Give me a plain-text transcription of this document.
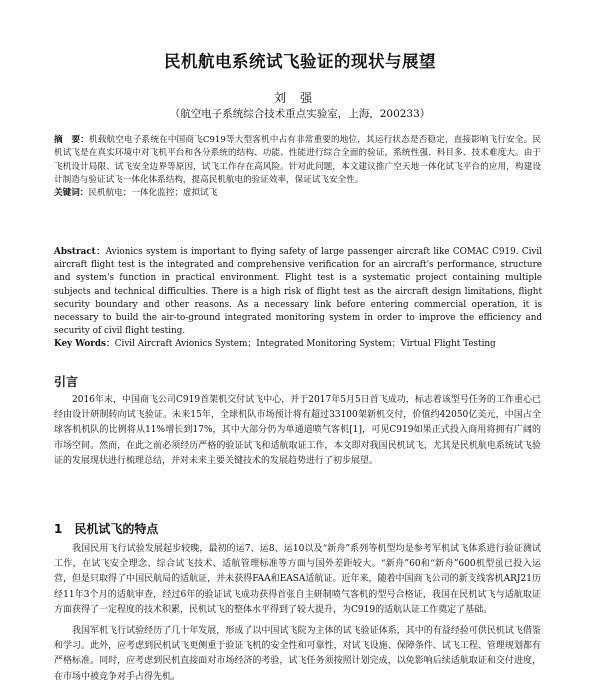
民机航电系统试飞验证的现状与展望
刘强
（航空电子系统综合技术重点实验室，上海，200233）
摘　要：机载航空电子系统在中国商飞C919等大型客机中占有非常重要的地位，其运行状态是否稳定，直接影响飞行安全。民机试飞是在真实环境中对飞机平台和各分系统的结构、功能、性能进行综合全面的验证，系统性强、科目多、技术难度大。由于飞机设计局限、试飞安全边界等原因，试飞工作存在高风险。针对此问题，本文建议推广空天地一体化试飞平台的应用，构建设计制造与验证试飞一体化体系结构，提高民机航电的验证效率，保证试飞安全性。
关键词：民机航电；一体化监控；虚拟试飞
Abstract：Avionics system is important to flying safety of large passenger aircraft like COMAC C919. Civil aircraft flight test is the integrated and comprehensive verification for an aircraft's performance, structure and system's function in practical environment. Flight test is a systematic project containing multiple subjects and technical difficulties. There is a high risk of flight test as the aircraft design limitations, flight security boundary and other reasons. As a necessary link before entering commercial operation, it is necessary to build the air-to-ground integrated monitoring system in order to improve the efficiency and security of civil flight testing.
Key Words：Civil Aircraft Avionics System；Integrated Monitoring System；Virtual Flight Testing
引言
2016年末，中国商飞公司C919首架机交付试飞中心，并于2017年5月5日首飞成功，标志着该型号任务的工作重心已经由设计研制转向试飞验证。未来15年，全球机队市场预计将有超过33100架新机交付，价值约42050亿美元，中国占全球客机机队的比例将从11%增长到17%，其中大部分仍为单通道喷气客机[1]，可见C919如果正式投入商用将拥有广阔的市场空间。然而，在此之前必须经历严格的验证试飞和适航取证工作，本文即对我国民机试飞，尤其是民机航电系统试飞验证的发展现状进行梳理总结，并对未来主要关键技术的发展趋势进行了初步展望。
1　民机试飞的特点
我国民用飞行试验发展起步较晚，最初的运7、运8、运10以及“新舟”系列等机型均是参考军机试飞体系进行验证测试工作，在试飞安全理念、综合试飞技术、适航管理标准等方面与国外差距较大。“新舟”60和“新舟”600机型虽已投入运营，但是只取得了中国民航局的适航证，并未获得FAA和EASA适航证。近年来，随着中国商飞公司的新支线客机ARJ21历经11年3个月的适航审查，经过6年的验证试飞成功获得首张自主研制喷气客机的型号合格证，我国在民机试飞与适航取证方面获得了一定程度的技术积累，民机试飞的整体水平得到了较大提升，为C919的适航认证工作奠定了基础。
我国军机飞行试验经历了几十年发展，形成了以中国试飞院为主体的试飞验证体系，其中的有益经验可供民机试飞借鉴和学习。此外，应考虑到民机试飞更侧重于验证飞机的安全性和可靠性，对试飞设施、保障条件、试飞工程、管理规划都有严格标准。同时，应考虑到民机直接面对市场经济的考验，试飞任务须按照计划完成，以免影响后续适航取证和交付进度，在市场中被竞争对手占得先机。
